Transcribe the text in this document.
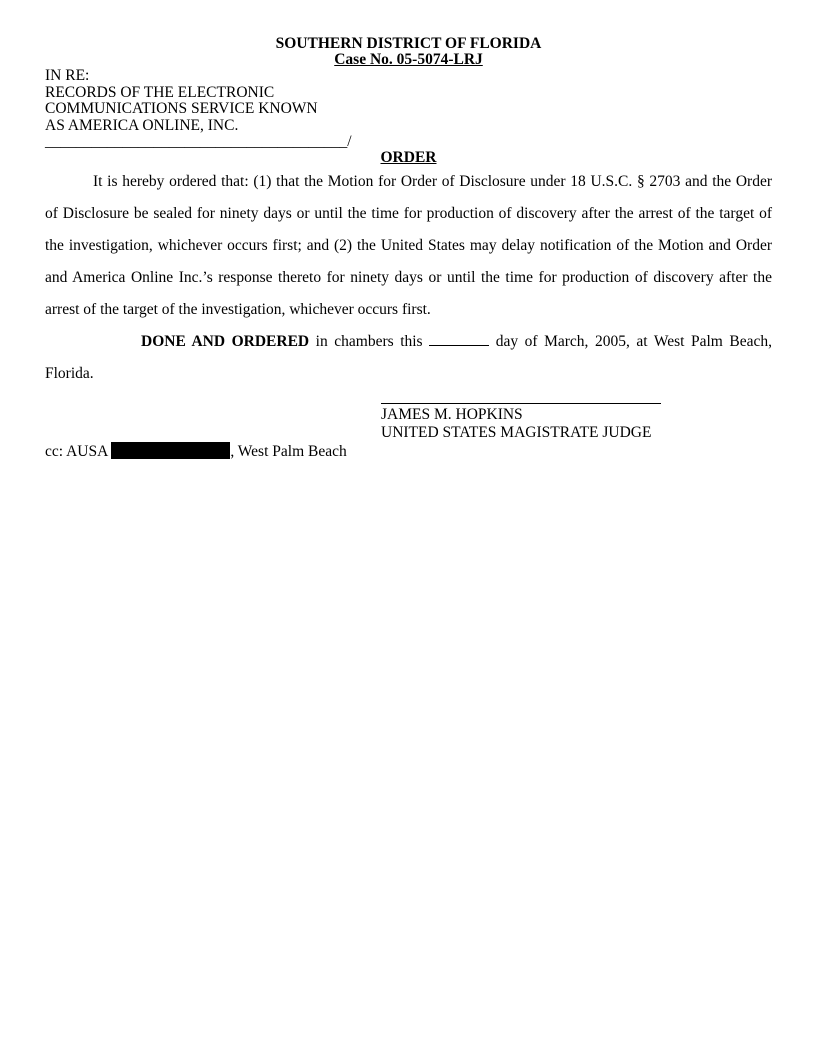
SOUTHERN DISTRICT OF FLORIDA
Case No. 05-5074-LRJ
IN RE:
RECORDS OF THE ELECTRONIC
COMMUNICATIONS SERVICE KNOWN
AS AMERICA ONLINE, INC.
_______________________________________/
ORDER

It is hereby ordered that: (1) that the Motion for Order of Disclosure under 18 U.S.C. § 2703 and the Order of Disclosure be sealed for ninety days or until the time for production of discovery after the arrest of the target of the investigation, whichever occurs first; and (2) the United States may delay notification of the Motion and Order and America Online Inc.’s response thereto for ninety days or until the time for production of discovery after the arrest of the target of the investigation, whichever occurs first.

DONE AND ORDERED in chambers this	day of March, 2005, at West Palm Beach, Florida.

JAMES M. HOPKINS
UNITED STATES MAGISTRATE JUDGE
cc: AUSA	, West Palm Beach
